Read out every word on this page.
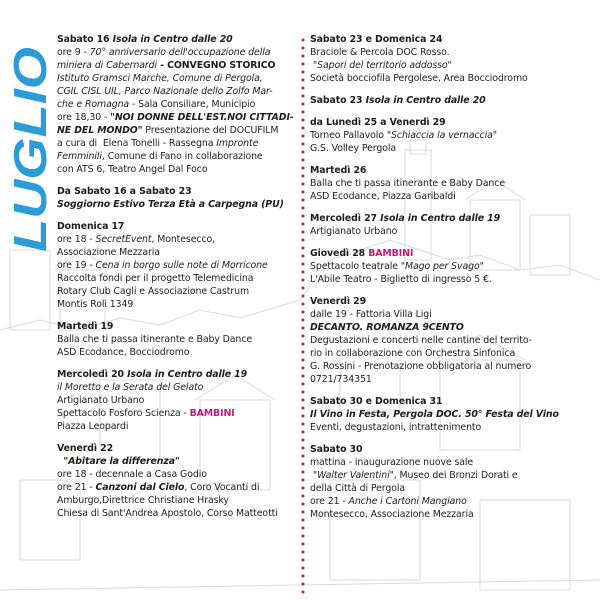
LUGLIO

Sabato 16 Isola in Centro dalle 20

ore 9 - 70° anniversario dell'occupazione della

miniera di Cabernardi - CONVEGNO STORICO

Istituto Gramsci Marche, Comune di Pergola,

CGIL CISL UIL, Parco Nazionale dello Zolfo Mar-

che e Romagna - Sala Consiliare, Municipio

ore 18,30 - "NOI DONNE DELL'EST.NOI CITTADI-

NE DEL MONDO" Presentazione del DOCUFILM

a cura di  Elena Tonelli - Rassegna Impronte

Femminili, Comune di Fano in collaborazione

con ATS 6, Teatro Angel Dal Foco

Da Sabato 16 a Sabato 23

Soggiorno Estivo Terza Età a Carpegna (PU)

Domenica 17

ore 18 - SecretEvent, Montesecco,

Associazione Mezzaria

ore 19 - Cena in borgo sulle note di Morricone

Raccolta fondi per il progetto Telemedicina

Rotary Club Cagli e Associazione Castrum

Montis Roli 1349

Martedì 19

Balla che ti passa itinerante e Baby Dance

ASD Ecodance, Bocciodromo

Mercoledì 20 Isola in Centro dalle 19

il Moretto e la Serata del Gelato

Artigianato Urbano

Spettacolo Fosforo Scienza - BAMBINI

Piazza Leopardi

Venerdì 22

"Abitare la differenza"

ore 18 - decennale a Casa Godio

ore 21 - Canzoni dal Cielo, Coro Vocanti di

Amburgo,Direttrice Christiane Hrasky

Chiesa di Sant'Andrea Apostolo, Corso Matteotti

Sabato 23 e Domenica 24

Braciole & Percola DOC Rosso.

"Sapori del territorio addosso"

Società bocciofila Pergolese, Area Bocciodromo

Sabato 23 Isola in Centro dalle 20

da Lunedì 25 a Venerdì 29

Torneo Pallavolo "Schiaccia la vernaccia"

G.S. Volley Pergola

Martedì 26

Balla che ti passa itinerante e Baby Dance

ASD Ecodance, Piazza Garibaldi

Mercoledì 27 Isola in Centro dalle 19

Artigianato Urbano

Giovedì 28 BAMBINI

Spettacolo teatrale "Mago per Svago"

L'Abile Teatro - Biglietto di ingresso 5 €.

Venerdì 29

dalle 19 - Fattoria Villa Ligi

DECANTO. ROMANZA 9CENTO

Degustazioni e concerti nelle cantine del territo-

rio in collaborazione con Orchestra Sinfonica

G. Rossini - Prenotazione obbligatoria al numero

0721/734351

Sabato 30 e Domenica 31

Il Vino in Festa, Pergola DOC. 50° Festa del Vino

Eventi, degustazioni, intrattenimento

Sabato 30

mattina - inaugurazione nuove sale

"Walter Valentini", Museo dei Bronzi Dorati e

della Città di Pergola

ore 21 - Anche i Cartoni Mangiano

Montesecco, Associazione Mezzaria
